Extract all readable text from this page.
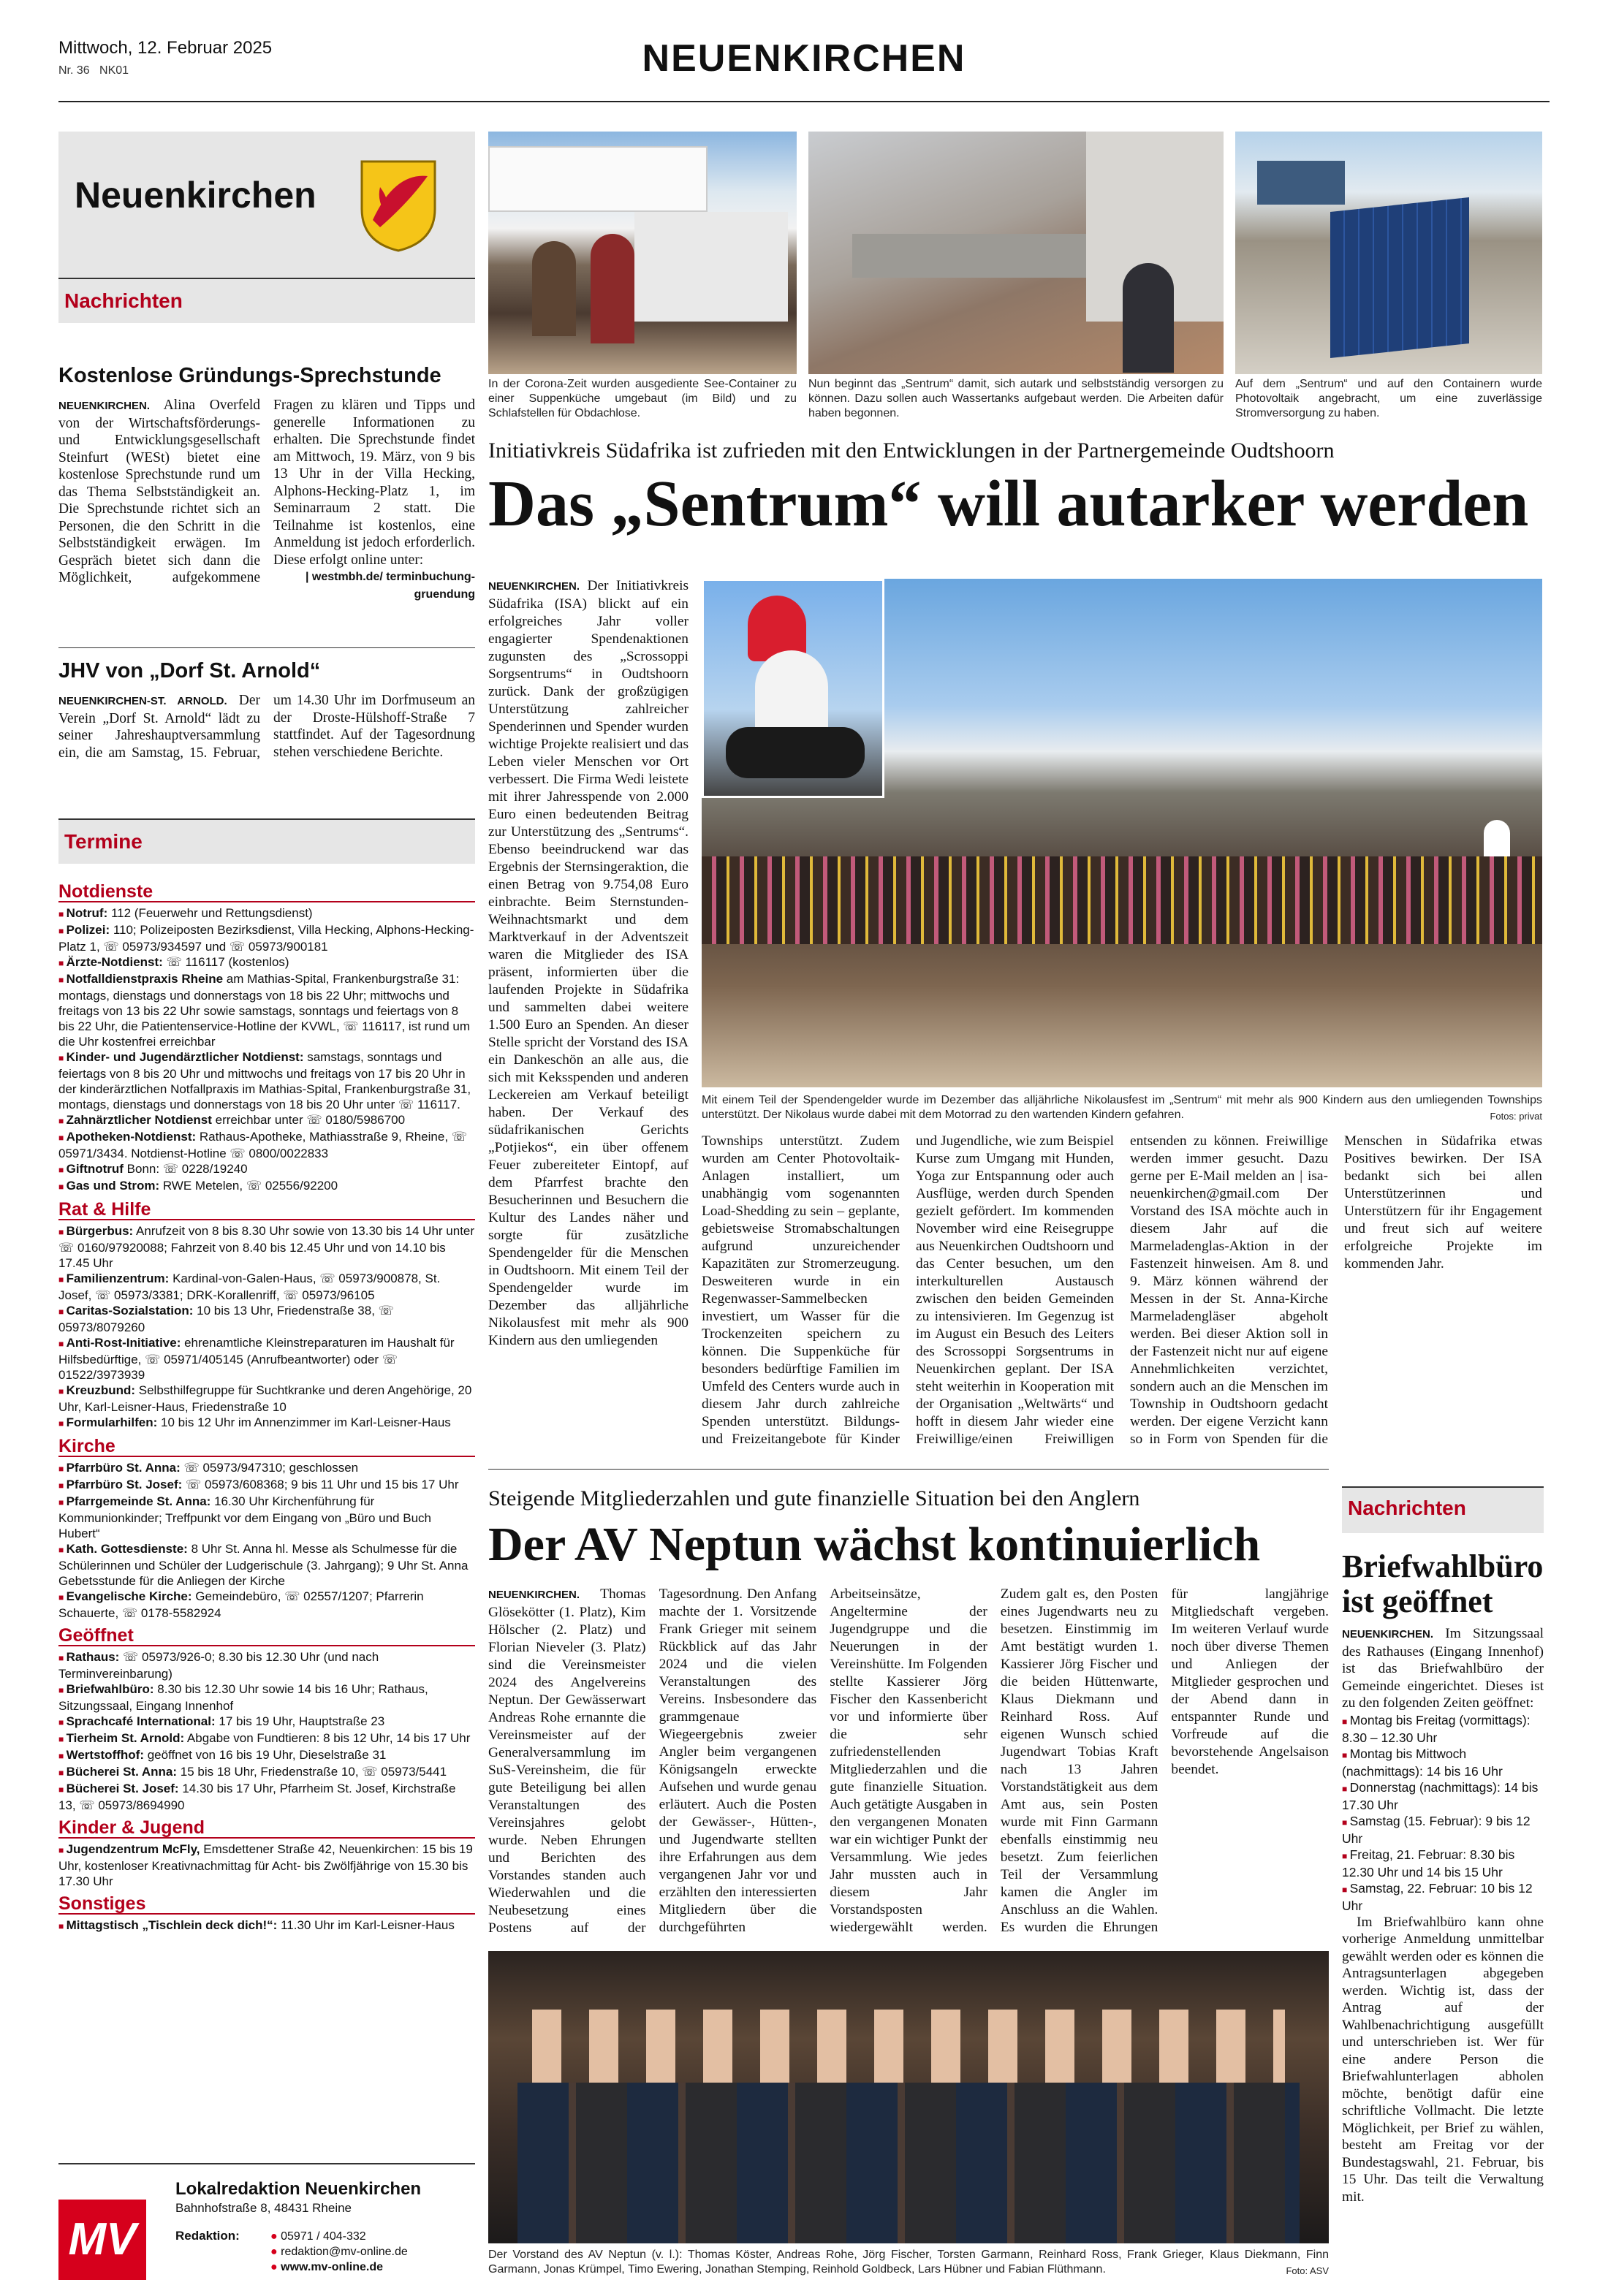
Mittwoch, 12. Februar 2025
Nr. 36 NK01	NEUENKIRCHEN
Neuenkirchen
Nachrichten
Kostenlose Gründungs-Sprechstunde
NEUENKIRCHEN. Alina Overfeld von der Wirtschaftsförderungs- und Entwicklungsgesellschaft Steinfurt (WESt) bietet eine kostenlose Sprechstunde rund um das Thema Selbstständigkeit an. Die Sprechstunde richtet sich an Personen, die den Schritt in die Selbstständigkeit erwägen. Im Gespräch bietet sich dann die Möglichkeit, aufgekommene Fragen zu klären und Tipps und generelle Informationen zu erhalten. Die Sprechstunde findet am Mittwoch, 19. März, von 9 bis 13 Uhr in der Villa Hecking, Alphons-Hecking-Platz 1, im Seminarraum 2 statt. Die Teilnahme ist kostenlos, eine Anmeldung ist jedoch erforderlich. Diese erfolgt online unter:
| westmbh.de/ terminbuchung-gruendung
JHV von „Dorf St. Arnold“
NEUENKIRCHEN-ST. ARNOLD. Der Verein „Dorf St. Arnold“ lädt zu seiner Jahreshauptversammlung ein, die am Samstag, 15. Februar, um 14.30 Uhr im Dorfmuseum an der Droste-Hülshoff-Straße 7 stattfindet. Auf der Tagesordnung stehen verschiedene Berichte.
Termine
Notdienste
■ Notruf: 112 (Feuerwehr und Rettungsdienst)
■ Polizei: 110; Polizeiposten Bezirksdienst, Villa Hecking, Alphons-Hecking-Platz 1, ☏ 05973/934597 und ☏ 05973/900181
■ Ärzte-Notdienst: ☏ 116117 (kostenlos)
■ Notfalldienstpraxis Rheine am Mathias-Spital, Frankenburgstraße 31: montags, dienstags und donnerstags von 18 bis 22 Uhr; mittwochs und freitags von 13 bis 22 Uhr sowie samstags, sonntags und feiertags von 8 bis 22 Uhr, die Patientenservice-Hotline der KVWL, ☏ 116117, ist rund um die Uhr kostenfrei erreichbar
■ Kinder- und Jugendärztlicher Notdienst: samstags, sonntags und feiertags von 8 bis 20 Uhr und mittwochs und freitags von 17 bis 20 Uhr in der kinderärztlichen Notfallpraxis im Mathias-Spital, Frankenburgstraße 31, montags, dienstags und donnerstags von 18 bis 20 Uhr unter ☏ 116117.
■ Zahnärztlicher Notdienst erreichbar unter ☏ 0180/5986700
■ Apotheken-Notdienst: Rathaus-Apotheke, Mathiasstraße 9, Rheine, ☏ 05971/3434. Notdienst-Hotline ☏ 0800/0022833
■ Giftnotruf Bonn: ☏ 0228/19240
■ Gas und Strom: RWE Metelen, ☏ 02556/92200
Rat & Hilfe
■ Bürgerbus: Anrufzeit von 8 bis 8.30 Uhr sowie von 13.30 bis 14 Uhr unter ☏ 0160/97920088; Fahrzeit von 8.40 bis 12.45 Uhr und von 14.10 bis 17.45 Uhr
■ Familienzentrum: Kardinal-von-Galen-Haus, ☏ 05973/900878, St. Josef, ☏ 05973/3381; DRK-Korallenriff, ☏ 05973/96105
■ Caritas-Sozialstation: 10 bis 13 Uhr, Friedenstraße 38, ☏ 05973/8079260
■ Anti-Rost-Initiative: ehrenamtliche Kleinstreparaturen im Haushalt für Hilfsbedürftige, ☏ 05971/405145 (Anrufbeantworter) oder ☏ 01522/3973939
■ Kreuzbund: Selbsthilfegruppe für Suchtkranke und deren Angehörige, 20 Uhr, Karl-Leisner-Haus, Friedenstraße 10
■ Formularhilfen: 10 bis 12 Uhr im Annenzimmer im Karl-Leisner-Haus
Kirche
■ Pfarrbüro St. Anna: ☏ 05973/947310; geschlossen
■ Pfarrbüro St. Josef: ☏ 05973/608368; 9 bis 11 Uhr und 15 bis 17 Uhr
■ Pfarrgemeinde St. Anna: 16.30 Uhr Kirchenführung für Kommunionkinder; Treffpunkt vor dem Eingang von „Büro und Buch Hubert“
■ Kath. Gottesdienste: 8 Uhr St. Anna hl. Messe als Schulmesse für die Schülerinnen und Schüler der Ludgerischule (3. Jahrgang); 9 Uhr St. Anna Gebetsstunde für die Anliegen der Kirche
■ Evangelische Kirche: Gemeindebüro, ☏ 02557/1207; Pfarrerin Schauerte, ☏ 0178-5582924
Geöffnet
■ Rathaus: ☏ 05973/926-0; 8.30 bis 12.30 Uhr (und nach Terminvereinbarung)
■ Briefwahlbüro: 8.30 bis 12.30 Uhr sowie 14 bis 16 Uhr; Rathaus, Sitzungssaal, Eingang Innenhof
■ Sprachcafé International: 17 bis 19 Uhr, Hauptstraße 23
■ Tierheim St. Arnold: Abgabe von Fundtieren: 8 bis 12 Uhr, 14 bis 17 Uhr
■ Wertstoffhof: geöffnet von 16 bis 19 Uhr, Dieselstraße 31
■ Bücherei St. Anna: 15 bis 18 Uhr, Friedenstraße 10, ☏ 05973/5441
■ Bücherei St. Josef: 14.30 bis 17 Uhr, Pfarrheim St. Josef, Kirchstraße 13, ☏ 05973/8694990
Kinder & Jugend
■ Jugendzentrum McFly, Emsdettener Straße 42, Neuenkirchen: 15 bis 19 Uhr, kostenloser Kreativnachmittag für Acht- bis Zwölfjährige von 15.30 bis 17.30 Uhr
Sonstiges
■ Mittagstisch „Tischlein deck dich!“: 11.30 Uhr im Karl-Leisner-Haus
MV
Lokalredaktion Neuenkirchen
Bahnhofstraße 8, 48431 Rheine
Redaktion:	● 05971 / 404-332
● redaktion@mv-online.de
● www.mv-online.de
In der Corona-Zeit wurden ausgediente See-Container zu einer Suppenküche umgebaut (im Bild) und zu Schlafstellen für Obdachlose.
Nun beginnt das „Sentrum“ damit, sich autark und selbstständig versorgen zu können. Dazu sollen auch Wassertanks aufgebaut werden. Die Arbeiten dafür haben begonnen.
Auf dem „Sentrum“ und auf den Containern wurde Photovoltaik angebracht, um eine zuverlässige Stromversorgung zu haben.
Initiativkreis Südafrika ist zufrieden mit den Entwicklungen in der Partnergemeinde Oudtshoorn
Das „Sentrum“ will autarker werden
NEUENKIRCHEN. Der Initiativkreis Südafrika (ISA) blickt auf ein erfolgreiches Jahr voller engagierter Spendenaktionen zugunsten des „Scrossoppi Sorgsentrums“ in Oudtshoorn zurück. Dank der großzügigen Unterstützung zahlreicher Spenderinnen und Spender wurden wichtige Projekte realisiert und das Leben vieler Menschen vor Ort verbessert. Die Firma Wedi leistete mit ihrer Jahresspende von 2.000 Euro einen bedeutenden Beitrag zur Unterstützung des „Sentrums“. Ebenso beeindruckend war das Ergebnis der Sternsingeraktion, die einen Betrag von 9.754,08 Euro einbrachte. Beim Sternstunden-Weihnachtsmarkt und dem Marktverkauf in der Adventszeit waren die Mitglieder des ISA präsent, informierten über die laufenden Projekte in Südafrika und sammelten dabei weitere 1.500 Euro an Spenden. An dieser Stelle spricht der Vorstand des ISA ein Dankeschön an alle aus, die sich mit Keksspenden und anderen Leckereien am Verkauf beteiligt haben. Der Verkauf des südafrikanischen Gerichts „Potjiekos“, ein über offenem Feuer zubereiteter Eintopf, auf dem Pfarrfest brachte den Besucherinnen und Besuchern die Kultur des Landes näher und sorgte für zusätzliche Spendengelder für die Menschen in Oudtshoorn. Mit einem Teil der Spendengelder wurde im Dezember das alljährliche Nikolausfest mit mehr als 900 Kindern aus den umliegenden
Mit einem Teil der Spendengelder wurde im Dezember das alljährliche Nikolausfest im „Sentrum“ mit mehr als 900 Kindern aus den umliegenden Townships unterstützt. Der Nikolaus wurde dabei mit dem Motorrad zu den wartenden Kindern gefahren.	Fotos: privat
Townships unterstützt. Zudem wurden am Center Photovoltaik-Anlagen installiert, um unabhängig vom sogenannten Load-Shedding zu sein – geplante, gebietsweise Stromabschaltungen aufgrund unzureichender Kapazitäten zur Stromerzeugung. Desweiteren wurde in ein Regenwasser-Sammelbecken investiert, um Wasser für die Trockenzeiten speichern zu können. Die Suppenküche für besonders bedürftige Familien im Umfeld des Centers wurde auch in diesem Jahr durch zahlreiche Spenden unterstützt. Bildungs- und Freizeitangebote für Kinder und Jugendliche, wie zum Beispiel Kurse zum Umgang mit Hunden, Yoga zur Entspannung oder auch Ausflüge, werden durch Spenden gezielt gefördert. Im kommenden November wird eine Reisegruppe aus Neuenkirchen Oudtshoorn und das Center besuchen, um den interkulturellen Austausch zwischen den beiden Gemeinden zu intensivieren. Im Gegenzug ist im August ein Besuch des Leiters des Scrossoppi Sorgsentrums in Neuenkirchen geplant. Der ISA steht weiterhin in Kooperation mit der Organisation „Weltwärts“ und hofft in diesem Jahr wieder eine Freiwillige/einen Freiwilligen entsenden zu können. Freiwillige werden immer gesucht. Dazu gerne per E-Mail melden an | isa-neuenkirchen@gmail.com Der Vorstand des ISA möchte auch in diesem Jahr auf die Marmeladenglas-Aktion in der Fastenzeit hinweisen. Am 8. und 9. März können während der Messen in der St. Anna-Kirche Marmeladengläser abgeholt werden. Bei dieser Aktion soll in der Fastenzeit nicht nur auf eigene Annehmlichkeiten verzichtet, sondern auch an die Menschen im Township in Oudtshoorn gedacht werden. Der eigene Verzicht kann so in Form von Spenden für die Menschen in Südafrika etwas Positives bewirken. Der ISA bedankt sich bei allen Unterstützerinnen und Unterstützern für ihr Engagement und freut sich auf weitere erfolgreiche Projekte im kommenden Jahr.
Steigende Mitgliederzahlen und gute finanzielle Situation bei den Anglern
Der AV Neptun wächst kontinuierlich
NEUENKIRCHEN. Thomas Glösekötter (1. Platz), Kim Hölscher (2. Platz) und Florian Nieveler (3. Platz) sind die Vereinsmeister 2024 des Angelvereins Neptun. Der Gewässerwart Andreas Rohe ernannte die Vereinsmeister auf der Generalversammlung im SuS-Vereinsheim, die für gute Beteiligung bei allen Veranstaltungen des Vereinsjahres gelobt wurde. Neben Ehrungen und Berichten des Vorstandes standen auch Wiederwahlen und die Neubesetzung eines Postens auf der Tagesordnung. Den Anfang machte der 1. Vorsitzende Frank Grieger mit seinem Rückblick auf das Jahr 2024 und die vielen Veranstaltungen des Vereins. Insbesondere das grammgenaue Wiegeergebnis zweier Angler beim vergangenen Königsangeln erweckte Aufsehen und wurde genau erläutert. Auch die Posten der Gewässer-, Hütten-, und Jugendwarte stellten ihre Erfahrungen aus dem vergangenen Jahr vor und erzählten den interessierten Mitgliedern über die durchgeführten Arbeitseinsätze, Angeltermine der Jugendgruppe und die Neuerungen in der Vereinshütte. Im Folgenden stellte Kassierer Jörg Fischer den Kassenbericht vor und informierte über die sehr zufriedenstellenden Mitgliederzahlen und die gute finanzielle Situation. Auch getätigte Ausgaben in den vergangenen Monaten war ein wichtiger Punkt der Versammlung. Wie jedes Jahr mussten auch in diesem Jahr Vorstandsposten wiedergewählt werden. Zudem galt es, den Posten eines Jugendwarts neu zu besetzen. Einstimmig im Amt bestätigt wurden 1. Kassierer Jörg Fischer und die beiden Hüttenwarte, Klaus Diekmann und Reinhard Ross. Auf eigenen Wunsch schied Jugendwart Tobias Kraft nach 13 Jahren Vorstandstätigkeit aus dem Amt aus, sein Posten wurde mit Finn Garmann ebenfalls einstimmig neu besetzt. Zum feierlichen Teil der Versammlung kamen die Angler im Anschluss an die Wahlen. Es wurden die Ehrungen für langjährige Mitgliedschaft vergeben. Im weiteren Verlauf wurde noch über diverse Themen und Anliegen der Mitglieder gesprochen und der Abend dann in entspannter Runde und Vorfreude auf die bevorstehende Angelsaison beendet.
Der Vorstand des AV Neptun (v. l.): Thomas Köster, Andreas Rohe, Jörg Fischer, Torsten Garmann, Reinhard Ross, Frank Grieger, Klaus Diekmann, Finn Garmann, Jonas Krümpel, Timo Ewering, Jonathan Stemping, Reinhold Goldbeck, Lars Hübner und Fabian Flüthmann.	Foto: ASV
Nachrichten
Briefwahlbüro ist geöffnet
NEUENKIRCHEN. Im Sitzungssaal des Rathauses (Eingang Innenhof) ist das Briefwahlbüro der Gemeinde eingerichtet. Dieses ist zu den folgenden Zeiten geöffnet:
■ Montag bis Freitag (vormittags): 8.30 – 12.30 Uhr
■ Montag bis Mittwoch (nachmittags): 14 bis 16 Uhr
■ Donnerstag (nachmittags): 14 bis 17.30 Uhr
■ Samstag (15. Februar): 9 bis 12 Uhr
■ Freitag, 21. Februar: 8.30 bis 12.30 Uhr und 14 bis 15 Uhr
■ Samstag, 22. Februar: 10 bis 12 Uhr
Im Briefwahlbüro kann ohne vorherige Anmeldung unmittelbar gewählt werden oder es können die Antragsunterlagen abgegeben werden. Wichtig ist, dass der Antrag auf der Wahlbenachrichtigung ausgefüllt und unterschrieben ist. Wer für eine andere Person die Briefwahlunterlagen abholen möchte, benötigt dafür eine schriftliche Vollmacht. Die letzte Möglichkeit, per Brief zu wählen, besteht am Freitag vor der Bundestagswahl, 21. Februar, bis 15 Uhr. Das teilt die Verwaltung mit.
